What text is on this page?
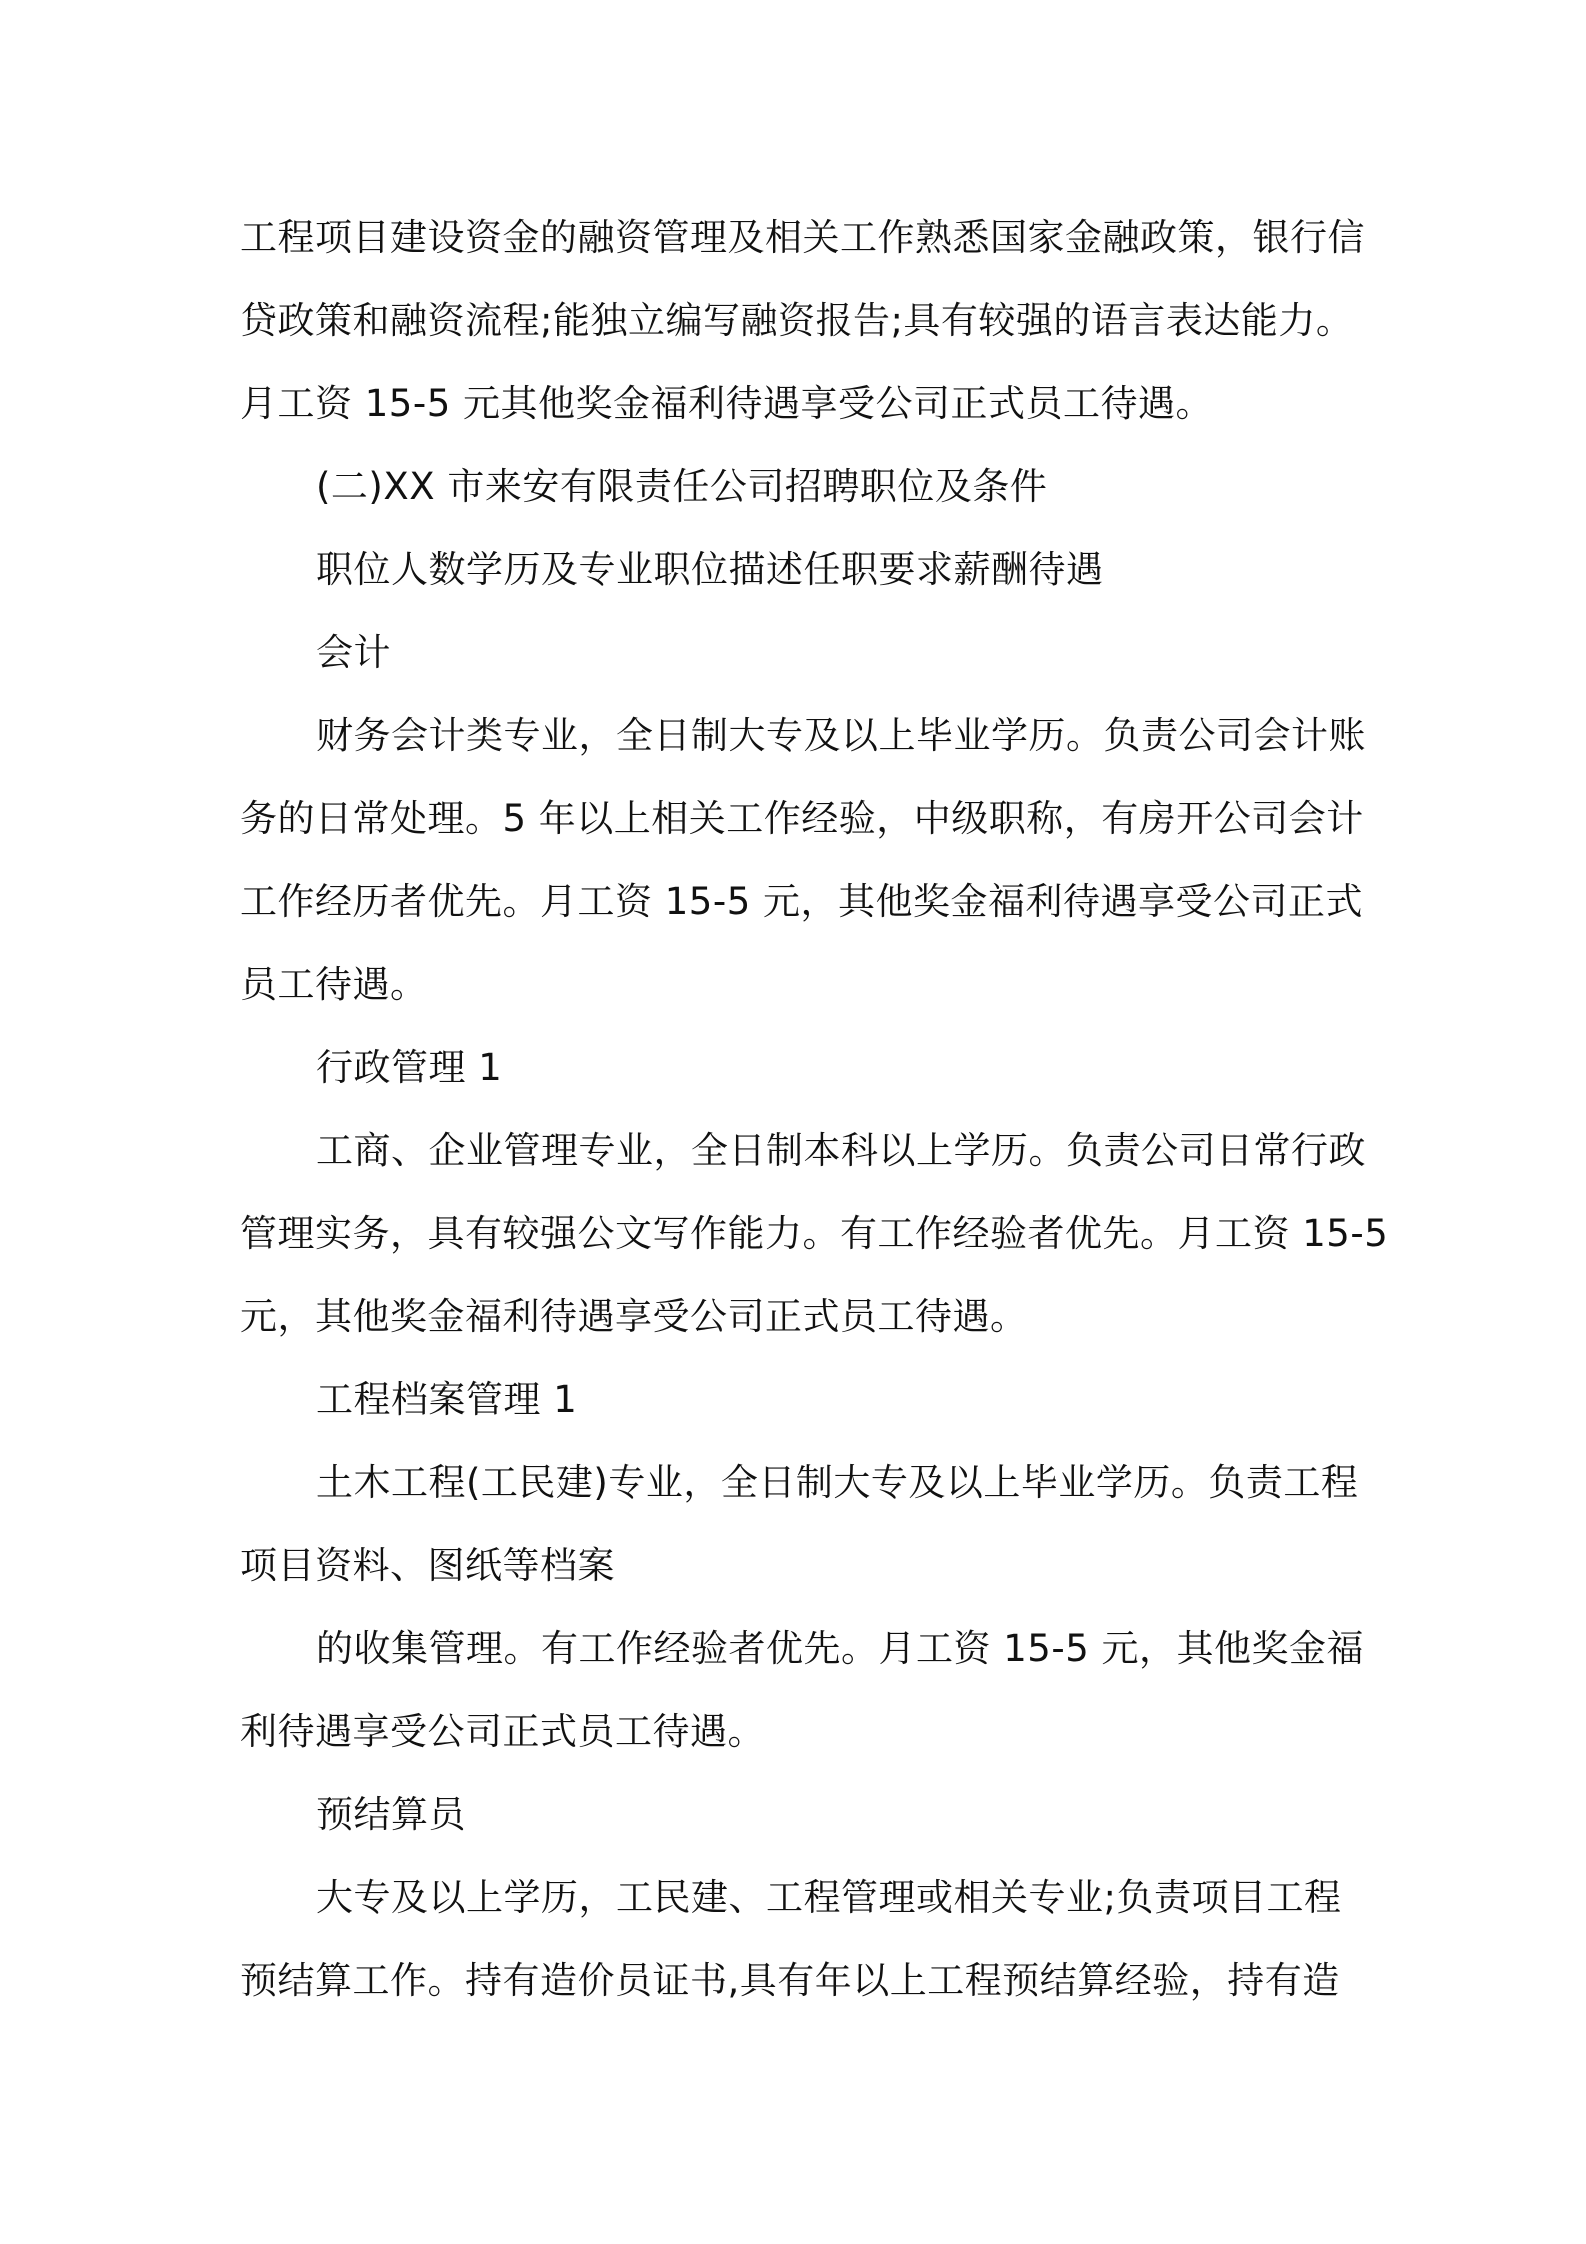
工程项目建设资金的融资管理及相关工作熟悉国家金融政策，银行信
贷政策和融资流程;能独立编写融资报告;具有较强的语言表达能力。
月工资 15-5 元其他奖金福利待遇享受公司正式员工待遇。
(二)XX 市来安有限责任公司招聘职位及条件
职位人数学历及专业职位描述任职要求薪酬待遇
会计
财务会计类专业，全日制大专及以上毕业学历。负责公司会计账
务的日常处理。5 年以上相关工作经验，中级职称，有房开公司会计
工作经历者优先。月工资 15-5 元，其他奖金福利待遇享受公司正式
员工待遇。
行政管理 1
工商、企业管理专业，全日制本科以上学历。负责公司日常行政
管理实务，具有较强公文写作能力。有工作经验者优先。月工资 15-5
元，其他奖金福利待遇享受公司正式员工待遇。
工程档案管理 1
土木工程(工民建)专业，全日制大专及以上毕业学历。负责工程
项目资料、图纸等档案
的收集管理。有工作经验者优先。月工资 15-5 元，其他奖金福
利待遇享受公司正式员工待遇。
预结算员
大专及以上学历，工民建、工程管理或相关专业;负责项目工程
预结算工作。持有造价员证书,具有年以上工程预结算经验，持有造
